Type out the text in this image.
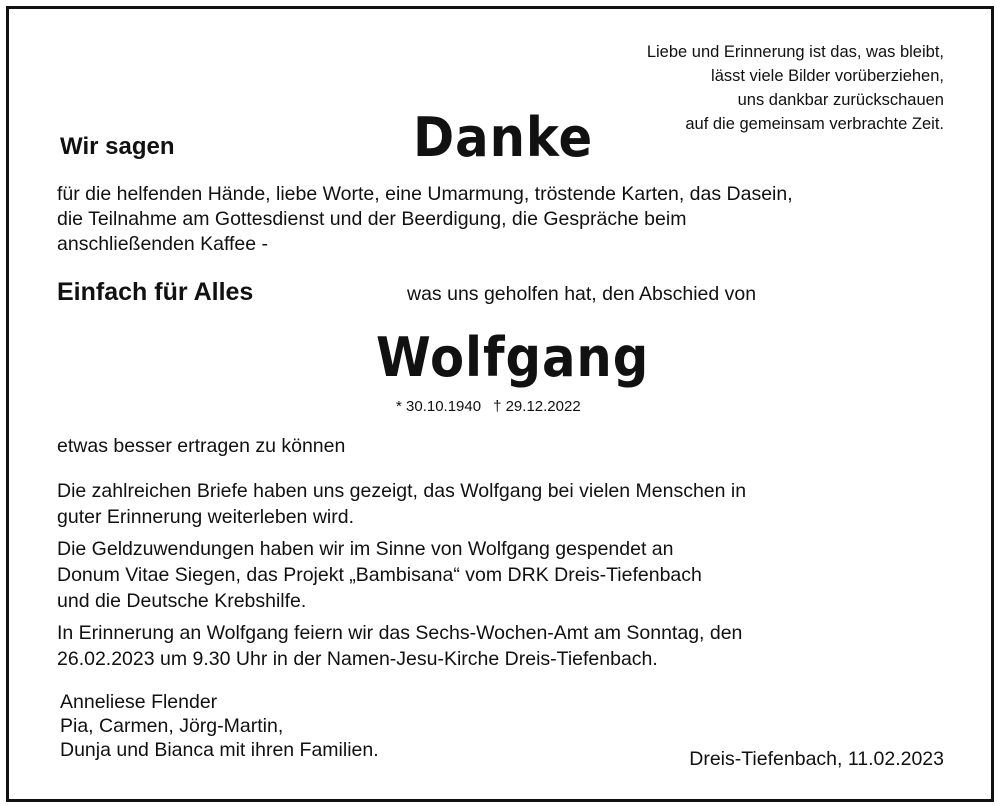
Liebe und Erinnerung ist das, was bleibt,
lässt viele Bilder vorüberziehen,
uns dankbar zurückschauen
auf die gemeinsam verbrachte Zeit.
Wir sagen	Danke
für die helfenden Hände, liebe Worte, eine Umarmung, tröstende Karten, das Dasein,
die Teilnahme am Gottesdienst und der Beerdigung, die Gespräche beim
anschließenden Kaffee -
Einfach für Alles	was uns geholfen hat, den Abschied von
Wolfgang
* 30.10.1940 † 29.12.2022
etwas besser ertragen zu können
Die zahlreichen Briefe haben uns gezeigt, das Wolfgang bei vielen Menschen in
guter Erinnerung weiterleben wird.
Die Geldzuwendungen haben wir im Sinne von Wolfgang gespendet an
Donum Vitae Siegen, das Projekt „Bambisana“ vom DRK Dreis-Tiefenbach
und die Deutsche Krebshilfe.
In Erinnerung an Wolfgang feiern wir das Sechs-Wochen-Amt am Sonntag, den
26.02.2023 um 9.30 Uhr in der Namen-Jesu-Kirche Dreis-Tiefenbach.
Anneliese Flender
Pia, Carmen, Jörg-Martin,
Dunja und Bianca mit ihren Familien.	Dreis-Tiefenbach, 11.02.2023
